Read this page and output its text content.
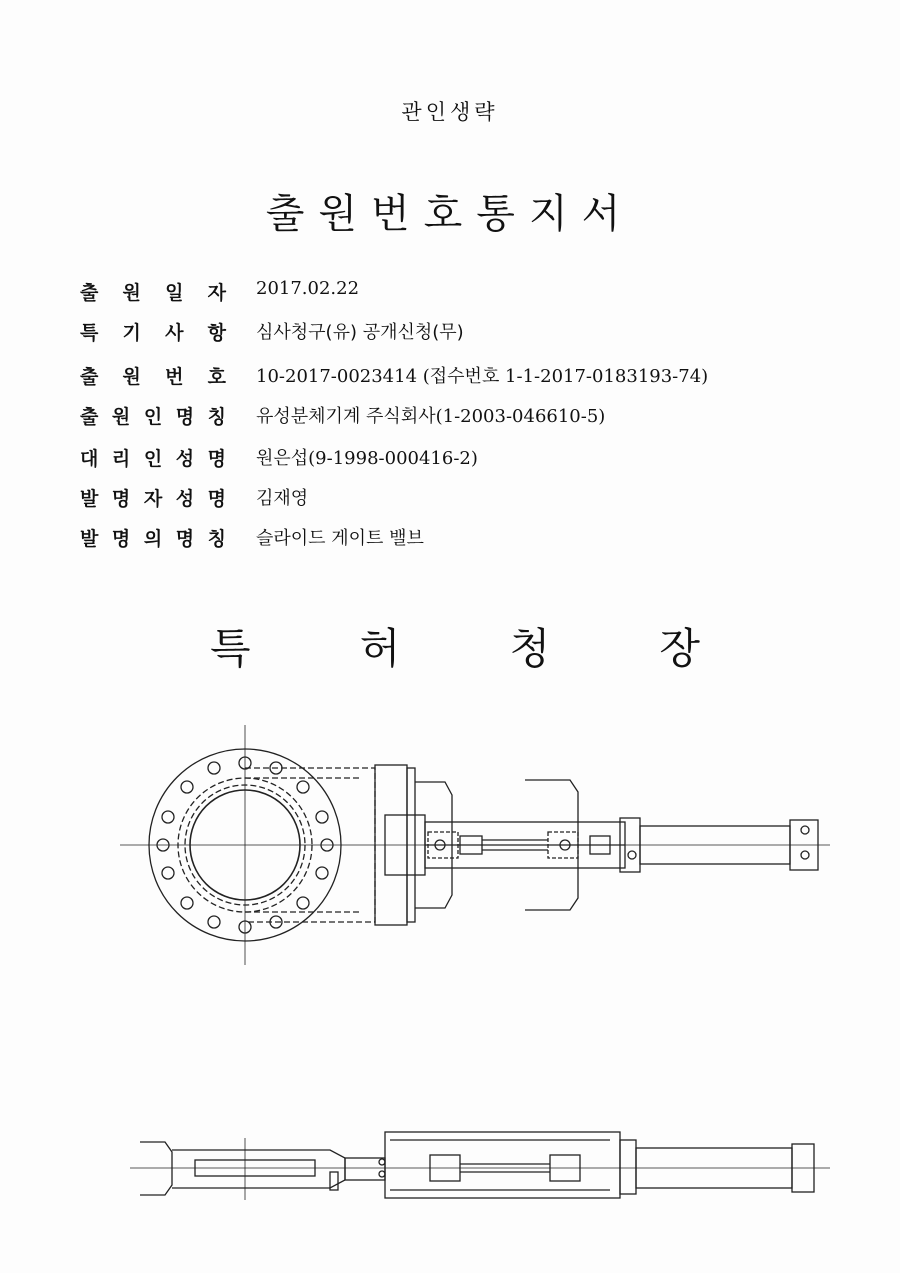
관인생략
출원번호통지서
출 원 일 자 2017.02.22
특 기 사 항 심사청구(유) 공개신청(무)
출 원 번 호 10-2017-0023414 (접수번호 1-1-2017-0183193-74)
출 원 인 명 칭 유성분체기계 주식회사(1-2003-046610-5)
대 리 인 성 명 원은섭(9-1998-000416-2)
발 명 자 성 명 김재영
발 명 의 명 칭 슬라이드 게이트 밸브
특	허	청	장
